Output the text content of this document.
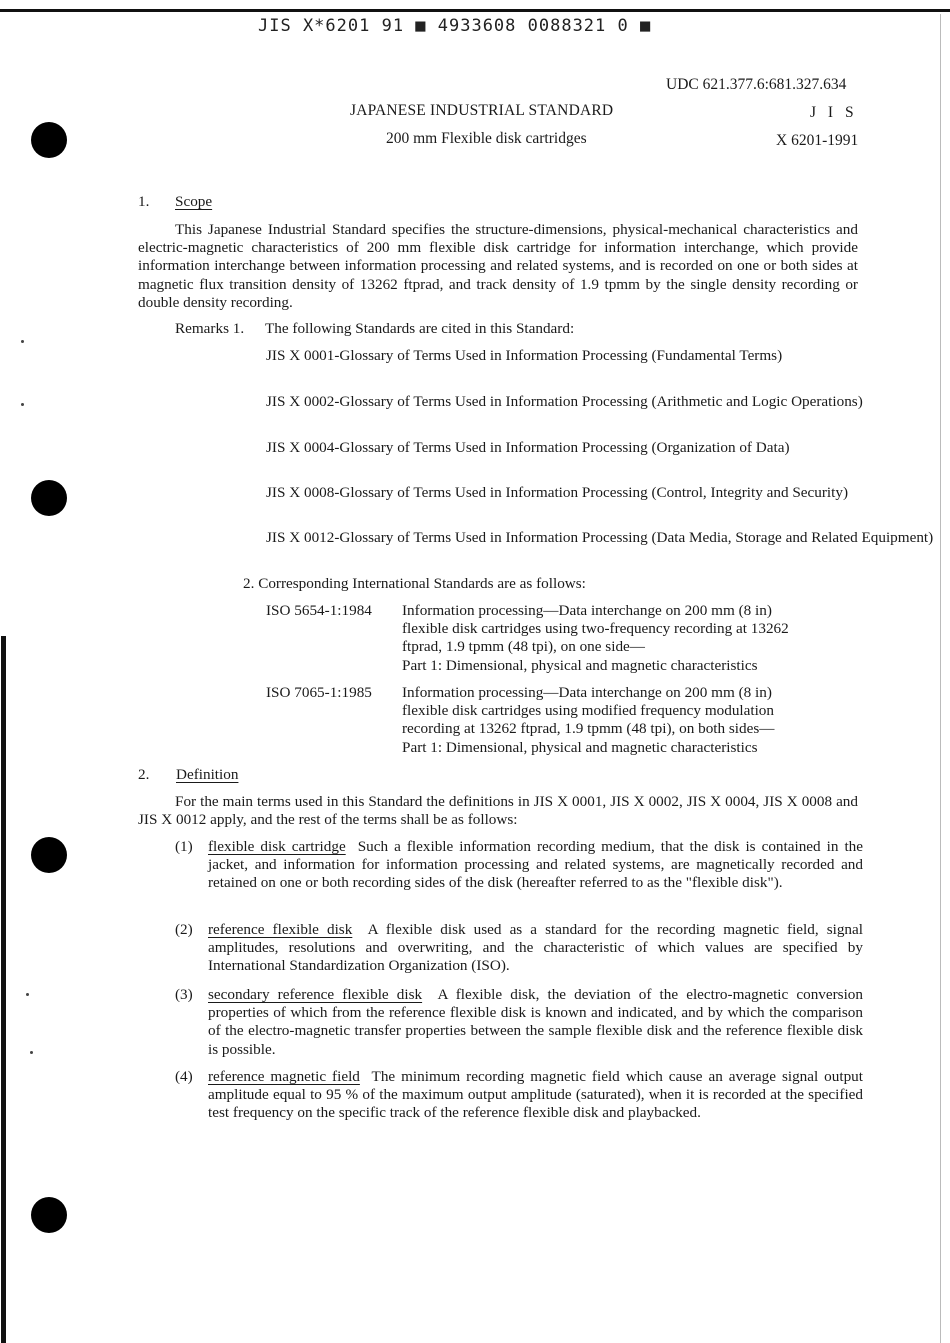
JIS X*6201 91 ■ 4933608 0088321 0 ■
UDC 621.377.6:681.327.634
JAPANESE INDUSTRIAL STANDARD	J I S
200 mm Flexible disk cartridges	X 6201-1991
1. Scope

This Japanese Industrial Standard specifies the structure-dimensions, physical-mechanical characteristics and electric-magnetic characteristics of 200 mm flexible disk cartridge for information interchange, which provide information interchange between information processing and related systems, and is recorded on one or both sides at magnetic flux transition density of 13262 ftprad, and track density of 1.9 tpmm by the single density recording or double density recording.

Remarks 1. The following Standards are cited in this Standard:
JIS X 0001-Glossary of Terms Used in Information Processing (Fundamental Terms)
JIS X 0002-Glossary of Terms Used in Information Processing (Arithmetic and Logic Operations)
JIS X 0004-Glossary of Terms Used in Information Processing (Organization of Data)
JIS X 0008-Glossary of Terms Used in Information Processing (Control, Integrity and Security)
JIS X 0012-Glossary of Terms Used in Information Processing (Data Media, Storage and Related Equipment)
2. Corresponding International Standards are as follows:
ISO 5654-1:1984 Information processing—Data interchange on 200 mm (8 in)
flexible disk cartridges using two-frequency recording at 13262
ftprad, 1.9 tpmm (48 tpi), on one side—
Part 1: Dimensional, physical and magnetic characteristics
ISO 7065-1:1985 Information processing—Data interchange on 200 mm (8 in)
flexible disk cartridges using modified frequency modulation
recording at 13262 ftprad, 1.9 tpmm (48 tpi), on both sides—
Part 1: Dimensional, physical and magnetic characteristics
2. Definition

For the main terms used in this Standard the definitions in JIS X 0001, JIS X 0002, JIS X 0004, JIS X 0008 and JIS X 0012 apply, and the rest of the terms shall be as follows:

(1) flexible disk cartridge Such a flexible information recording medium, that the disk is contained in the jacket, and information for information processing and related systems, are magnetically recorded and retained on one or both recording sides of the disk (hereafter referred to as the "flexible disk").
(2) reference flexible disk A flexible disk used as a standard for the recording magnetic field, signal amplitudes, resolutions and overwriting, and the characteristic of which values are specified by International Standardization Organization (ISO).
(3) secondary reference flexible disk A flexible disk, the deviation of the electro-magnetic conversion properties of which from the reference flexible disk is known and indicated, and by which the comparison of the electro-magnetic transfer properties between the sample flexible disk and the reference flexible disk is possible.
(4) reference magnetic field The minimum recording magnetic field which cause an average signal output amplitude equal to 95 % of the maximum output amplitude (saturated), when it is recorded at the specified test frequency on the specific track of the reference flexible disk and playbacked.
